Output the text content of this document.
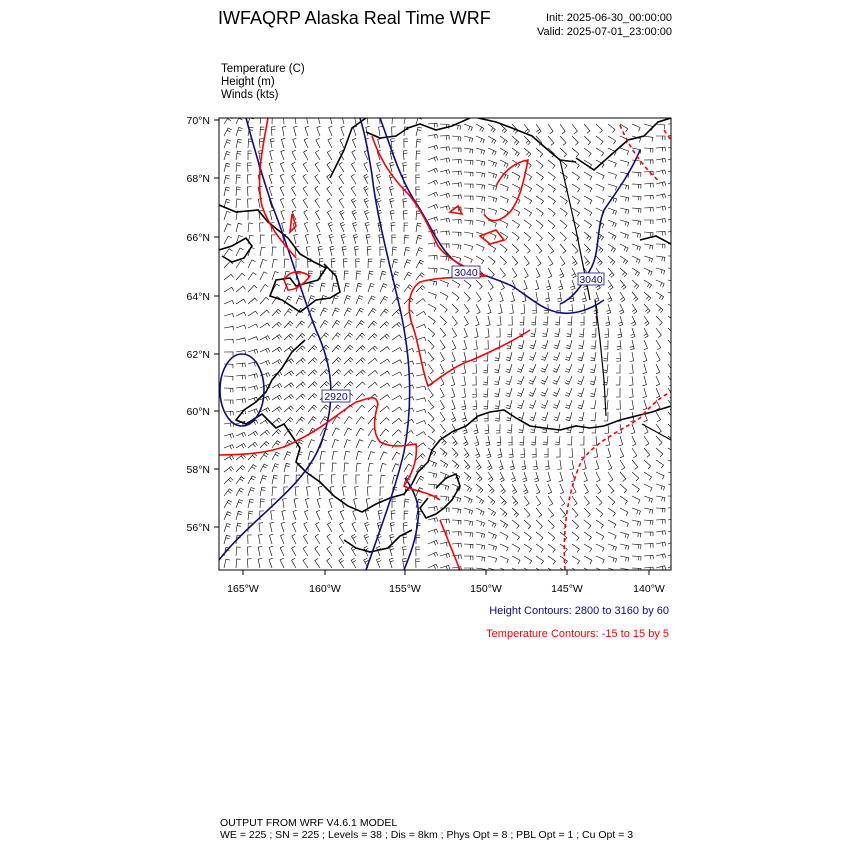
IWFAQRP Alaska Real Time WRF	Init: 2025-06-30_00:00:00
Valid: 2025-07-01_23:00:00
Temperature (C)
Height (m)
Winds (kts)
3040
3040
2920
70°N
68°N
66°N
64°N
62°N
60°N
58°N
56°N
165°W	160°W	155°W	150°W	145°W	140°W
Height Contours: 2800 to 3160 by 60
Temperature Contours: -15 to 15 by 5
OUTPUT FROM WRF V4.6.1 MODEL
WE = 225 ; SN = 225 ; Levels = 38 ; Dis = 8km ; Phys Opt = 8 ; PBL Opt = 1 ; Cu Opt = 3
